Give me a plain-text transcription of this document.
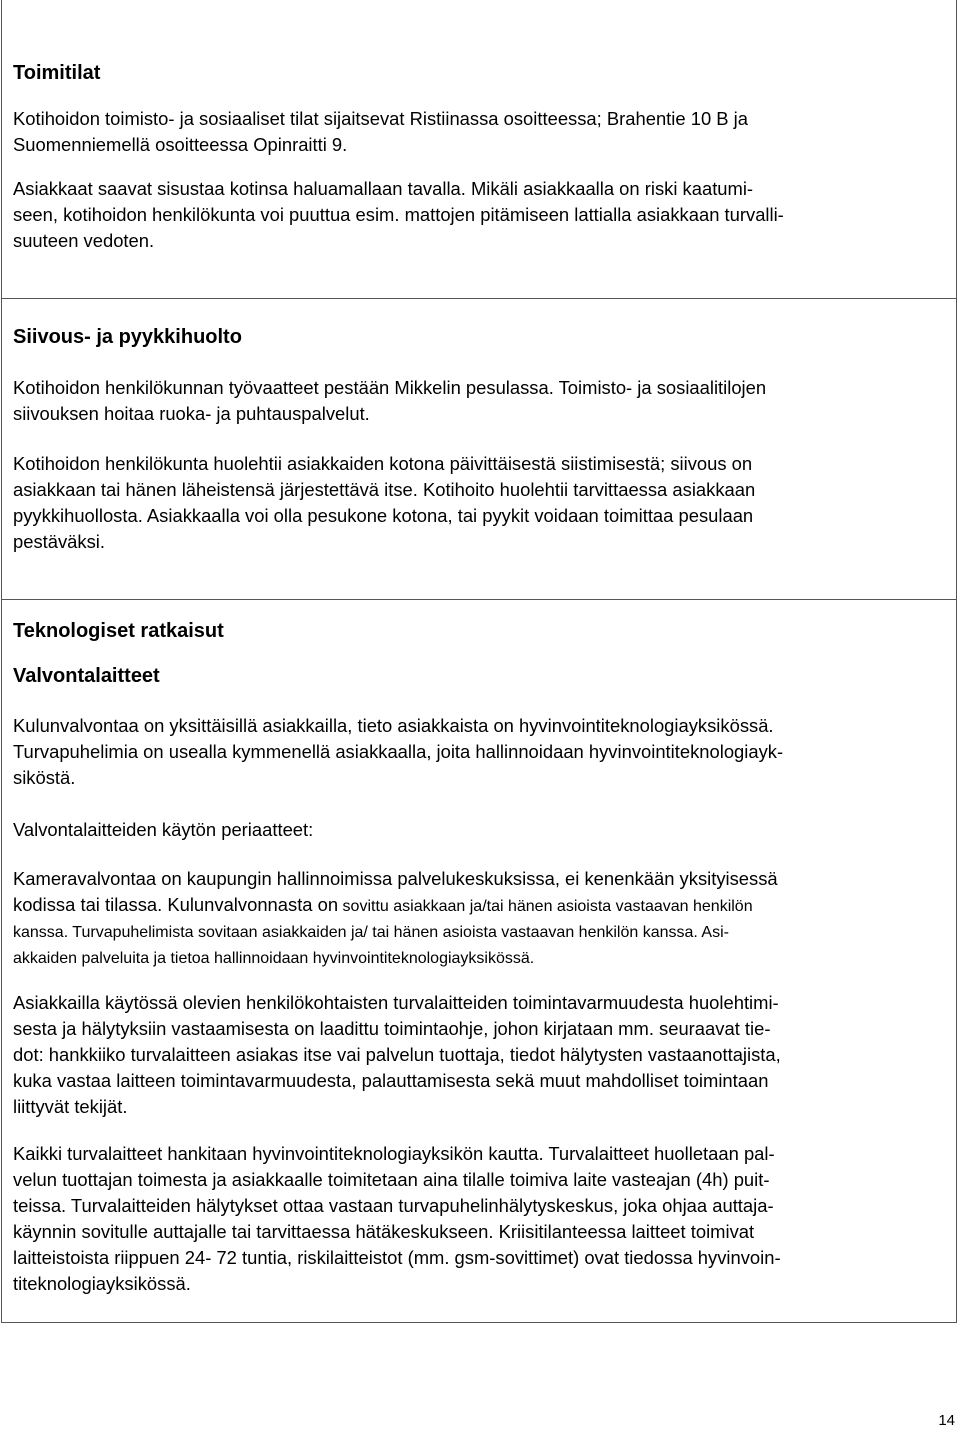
Toimitilat

Kotihoidon toimisto- ja sosiaaliset tilat sijaitsevat Ristiinassa osoitteessa; Brahentie 10 B ja

Suomenniemellä osoitteessa Opinraitti 9.

Asiakkaat saavat sisustaa kotinsa haluamallaan tavalla. Mikäli asiakkaalla on riski kaatumi-

seen, kotihoidon henkilökunta voi puuttua esim. mattojen pitämiseen lattialla asiakkaan turvalli-

suuteen vedoten.

Siivous- ja pyykkihuolto

Kotihoidon henkilökunnan työvaatteet pestään Mikkelin pesulassa. Toimisto- ja sosiaalitilojen

siivouksen hoitaa ruoka- ja puhtauspalvelut.

Kotihoidon henkilökunta huolehtii asiakkaiden kotona päivittäisestä siistimisestä; siivous on

asiakkaan tai hänen läheistensä järjestettävä itse. Kotihoito huolehtii tarvittaessa asiakkaan

pyykkihuollosta. Asiakkaalla voi olla pesukone kotona, tai pyykit voidaan toimittaa pesulaan

pestäväksi.

Teknologiset ratkaisut

Valvontalaitteet

Kulunvalvontaa on yksittäisillä asiakkailla, tieto asiakkaista on hyvinvointiteknologiayksikössä.

Turvapuhelimia on usealla kymmenellä asiakkaalla, joita hallinnoidaan hyvinvointiteknologiayk-

siköstä.

Valvontalaitteiden käytön periaatteet:

Kameravalvontaa on kaupungin hallinnoimissa palvelukeskuksissa, ei kenenkään yksityisessä

kodissa tai tilassa. Kulunvalvonnasta on sovittu asiakkaan ja/tai hänen asioista vastaavan henkilön

kanssa. Turvapuhelimista sovitaan asiakkaiden ja/ tai hänen asioista vastaavan henkilön kanssa. Asi-

akkaiden palveluita ja tietoa hallinnoidaan hyvinvointiteknologiayksikössä.

Asiakkailla käytössä olevien henkilökohtaisten turvalaitteiden toimintavarmuudesta huolehtimi-

sesta ja hälytyksiin vastaamisesta on laadittu toimintaohje, johon kirjataan mm. seuraavat tie-

dot: hankkiiko turvalaitteen asiakas itse vai palvelun tuottaja, tiedot hälytysten vastaanottajista,

kuka vastaa laitteen toimintavarmuudesta, palauttamisesta sekä muut mahdolliset toimintaan

liittyvät tekijät.

Kaikki turvalaitteet hankitaan hyvinvointiteknologiayksikön kautta. Turvalaitteet huolletaan pal-

velun tuottajan toimesta ja asiakkaalle toimitetaan aina tilalle toimiva laite vasteajan (4h) puit-

teissa. Turvalaitteiden hälytykset ottaa vastaan turvapuhelinhälytyskeskus, joka ohjaa auttaja-

käynnin sovitulle auttajalle tai tarvittaessa hätäkeskukseen. Kriisitilanteessa laitteet toimivat

laitteistoista riippuen 24- 72 tuntia, riskilaitteistot (mm. gsm-sovittimet) ovat tiedossa hyvinvoin-

titeknologiayksikössä.

14
